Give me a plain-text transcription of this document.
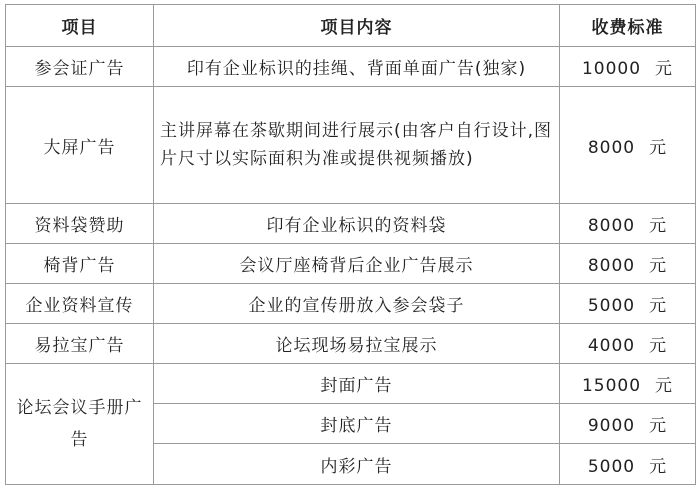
项目	项目内容	收费标准
参会证广告	印有企业标识的挂绳、背面单面广告(独家)	10000 元
大屏广告	主讲屏幕在茶歇期间进行展示(由客户自行设计,图片尺寸以实际面积为准或提供视频播放)	8000 元
资料袋赞助	印有企业标识的资料袋	8000 元
椅背广告	会议厅座椅背后企业广告展示	8000 元
企业资料宣传	企业的宣传册放入参会袋子	5000 元
易拉宝广告	论坛现场易拉宝展示	4000 元
论坛会议手册广告	封面广告	15000 元
	封底广告	9000 元
	内彩广告	5000 元
